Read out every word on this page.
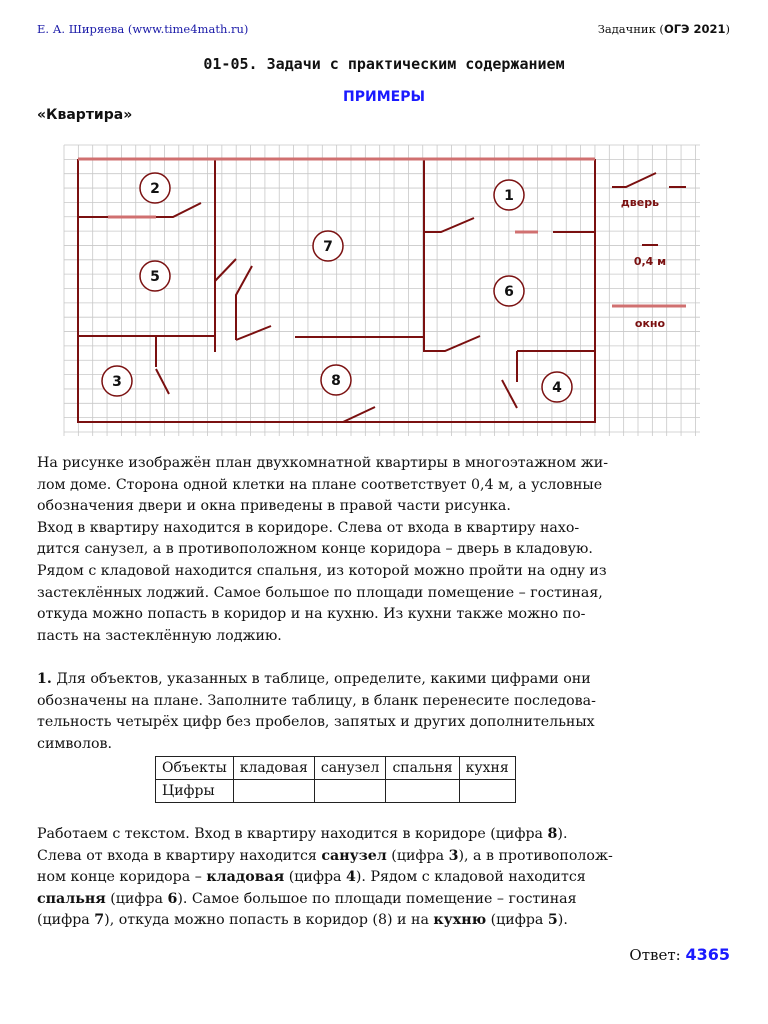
Е. А. Ширяева (www.time4math.ru)	Задачник (ОГЭ 2021)
01-05. Задачи с практическим содержанием
ПРИМЕРЫ
«Квартира»
1
2
3	4
5
6
7
8
дверь
0,4 м
окно
На рисунке изображён план двухкомнатной квартиры в многоэтажном жи-
лом доме. Сторона одной клетки на плане соответствует 0,4 м, а условные
обозначения двери и окна приведены в правой части рисунка.
Вход в квартиру находится в коридоре. Слева от входа в квартиру нахо-
дится санузел, а в противоположном конце коридора – дверь в кладовую.
Рядом с кладовой находится спальня, из которой можно пройти на одну из
застеклённых лоджий. Самое большое по площади помещение – гостиная,
откуда можно попасть в коридор и на кухню. Из кухни также можно по-
пасть на застеклённую лоджию.
1. Для объектов, указанных в таблице, определите, какими цифрами они
обозначены на плане. Заполните таблицу, в бланк перенесите последова-
тельность четырёх цифр без пробелов, запятых и других дополнительных
символов.
Объекты	кладовая	санузел	спальня	кухня
Цифры				
Работаем с текстом. Вход в квартиру находится в коридоре (цифра 8).
Слева от входа в квартиру находится санузел (цифра 3), а в противополож-
ном конце коридора – кладовая (цифра 4). Рядом с кладовой находится
спальня (цифра 6). Самое большое по площади помещение – гостиная
(цифра 7), откуда можно попасть в коридор (8) и на кухню (цифра 5).
Ответ: 4365
